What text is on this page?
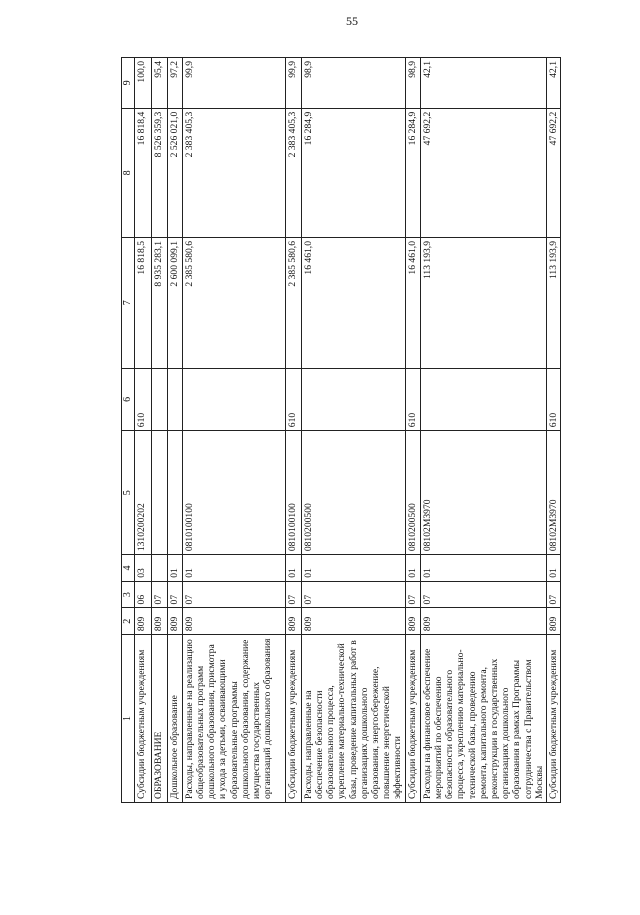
55
1	2	3	4	5	6	7	8	9
Субсидии бюджетным учреждениям	809	06	03	1310200202	610	16 818,5	16 818,4	100,0
ОБРАЗОВАНИЕ	809	07				8 935 283,1	8 526 359,3	95,4
Дошкольное образование	809	07	01			2 600 099,1	2 526 021,0	97,2
Расходы, направленные на реализацию общеобразовательных программ дошкольного образования, присмотра и ухода за детьми, осваивающими образовательные программы дошкольного образования, содержание имущества государственных организаций дошкольного образования	809	07	01	0810100100		2 385 580,6	2 383 405,3	99,9
Субсидии бюджетным учреждениям	809	07	01	0810100100	610	2 385 580,6	2 383 405,3	99,9
Расходы, направленные на обеспечение безопасности образовательного процесса, укрепление материально-технической базы, проведение капитальных работ в организациях дошкольного образования, энергосбережение, повышение энергетической эффективности	809	07	01	0810200500		16 461,0	16 284,9	98,9
Субсидии бюджетным учреждениям	809	07	01	0810200500	610	16 461,0	16 284,9	98,9
Расходы на финансовое обеспечение мероприятий по обеспечению безопасности образовательного процесса, укреплению материально-технической базы, проведению ремонта, капитального ремонта, реконструкции в государственных организациях дошкольного образования в рамках Программы сотрудничества с Правительством Москвы	809	07	01	08102М3970		113 193,9	47 692,2	42,1
Субсидии бюджетным учреждениям	809	07	01	08102М3970	610	113 193,9	47 692,2	42,1
